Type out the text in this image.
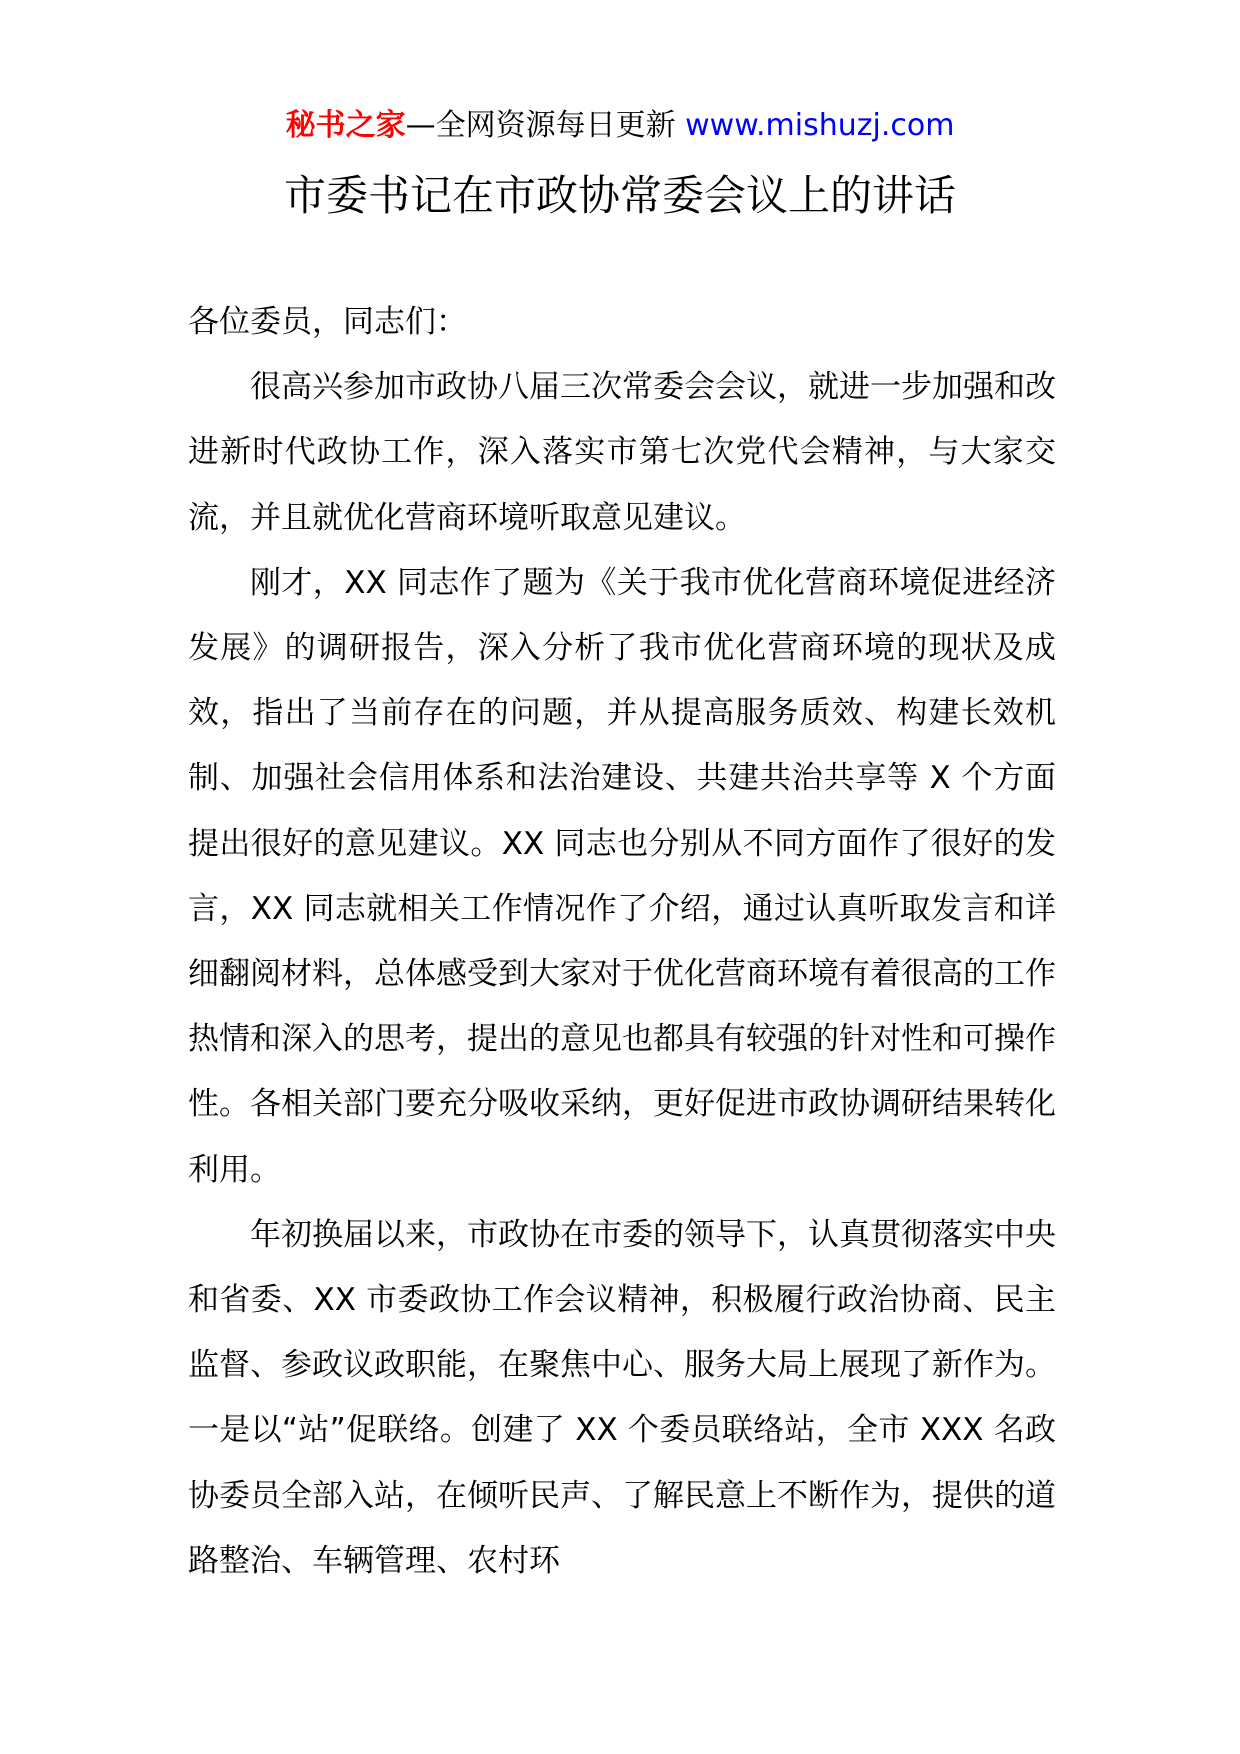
秘书之家—全网资源每日更新 www.mishuzj.com
市委书记在市政协常委会议上的讲话

各位委员，同志们：

很高兴参加市政协八届三次常委会会议，就进一步加强和改进新时代政协工作，深入落实市第七次党代会精神，与大家交流，并且就优化营商环境听取意见建议。

刚才，XX 同志作了题为《关于我市优化营商环境促进经济发展》的调研报告，深入分析了我市优化营商环境的现状及成效，指出了当前存在的问题，并从提高服务质效、构建长效机制、加强社会信用体系和法治建设、共建共治共享等 X 个方面提出很好的意见建议。XX 同志也分别从不同方面作了很好的发言，XX 同志就相关工作情况作了介绍，通过认真听取发言和详细翻阅材料，总体感受到大家对于优化营商环境有着很高的工作热情和深入的思考，提出的意见也都具有较强的针对性和可操作性。各相关部门要充分吸收采纳，更好促进市政协调研结果转化利用。

年初换届以来，市政协在市委的领导下，认真贯彻落实中央和省委、XX 市委政协工作会议精神，积极履行政治协商、民主监督、参政议政职能，在聚焦中心、服务大局上展现了新作为。一是以“站”促联络。创建了 XX 个委员联络站，全市 XXX 名政协委员全部入站，在倾听民声、了解民意上不断作为，提供的道路整治、车辆管理、农村环
